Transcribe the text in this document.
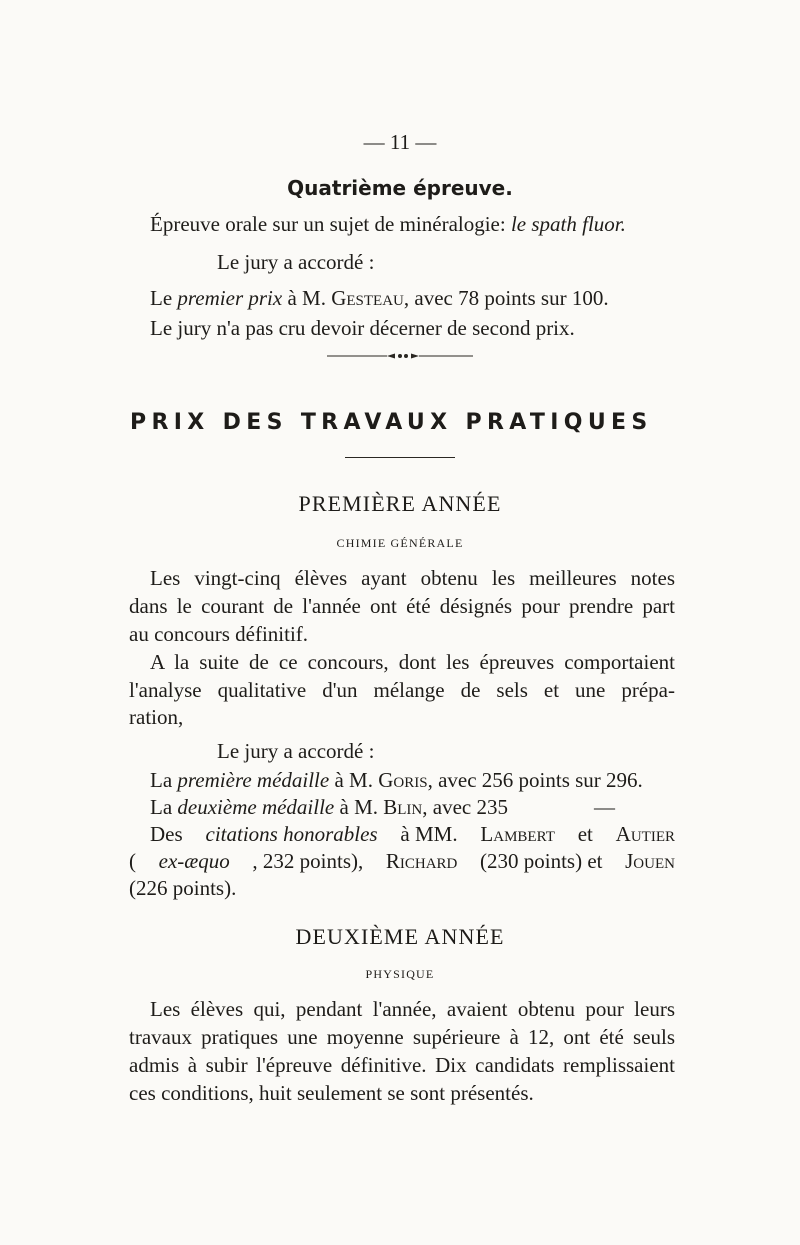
— 11 —
Quatrième épreuve.
Épreuve orale sur un sujet de minéralogie: le spath fluor.
Le jury a accordé :
Le premier prix à M. Gesteau, avec 78 points sur 100.
Le jury n'a pas cru devoir décerner de second prix.
PRIX DES TRAVAUX PRATIQUES
PREMIÈRE ANNÉE
CHIMIE GÉNÉRALE
Les vingt-cinq élèves ayant obtenu les meilleures notes
dans le courant de l'année ont été désignés pour prendre part
au concours définitif.
A la suite de ce concours, dont les épreuves comportaient
l'analyse qualitative d'un mélange de sels et une prépa-
ration,
Le jury a accordé :
La première médaille à M. Goris, avec 256 points sur 296.
La deuxième médaille à M. Blin, avec 235	—
Des citations honorables à MM. Lambert et Autier
( ex-æquo , 232 points), Richard (230 points) et Jouen
(226 points).
DEUXIÈME ANNÉE
PHYSIQUE
Les élèves qui, pendant l'année, avaient obtenu pour leurs
travaux pratiques une moyenne supérieure à 12, ont été seuls
admis à subir l'épreuve définitive. Dix candidats remplissaient
ces conditions, huit seulement se sont présentés.
